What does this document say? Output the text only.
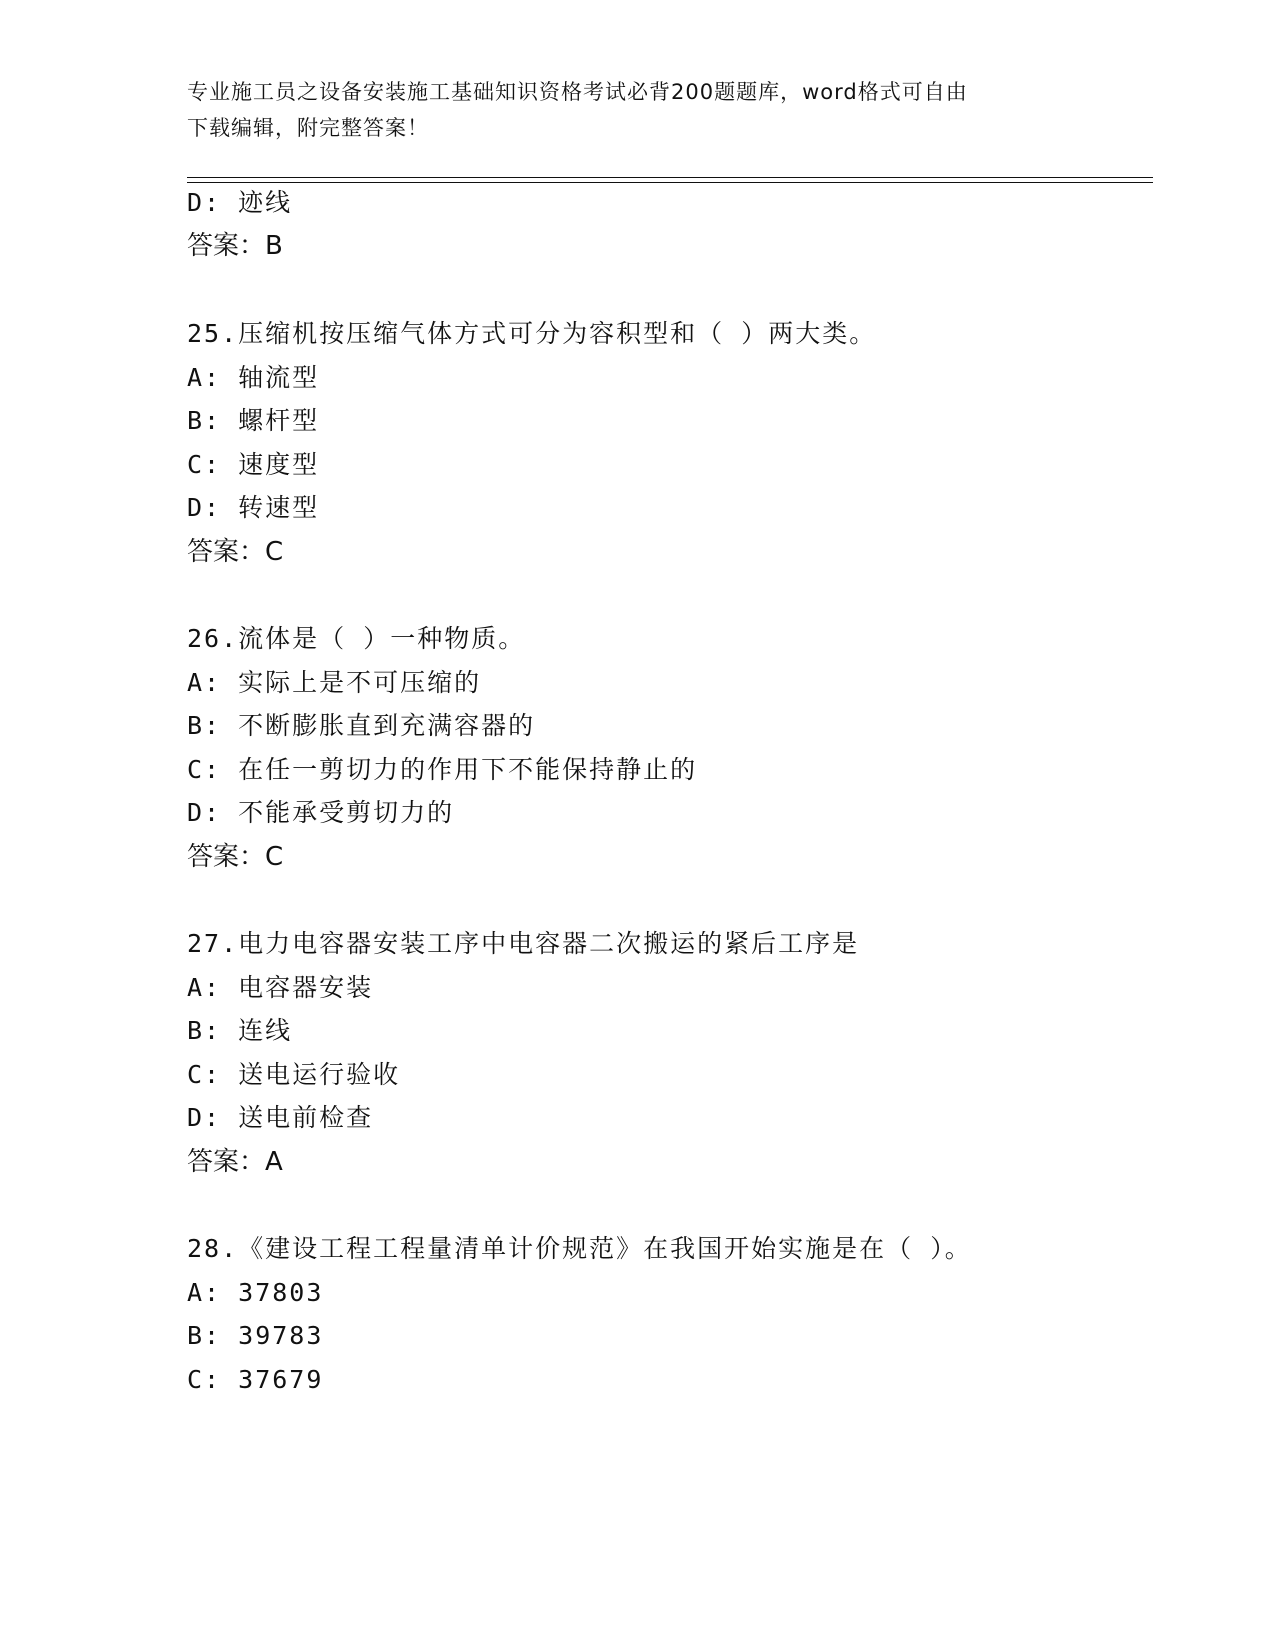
专业施工员之设备安装施工基础知识资格考试必背200题题库，word格式可自由
下载编辑，附完整答案！
D: 迹线
答案：B
25.压缩机按压缩气体方式可分为容积型和（ ）两大类。
A: 轴流型
B: 螺杆型
C: 速度型
D: 转速型
答案：C
26.流体是（ ）一种物质。
A: 实际上是不可压缩的
B: 不断膨胀直到充满容器的
C: 在任一剪切力的作用下不能保持静止的
D: 不能承受剪切力的
答案：C
27.电力电容器安装工序中电容器二次搬运的紧后工序是
A: 电容器安装
B: 连线
C: 送电运行验收
D: 送电前检查
答案：A
28.《建设工程工程量清单计价规范》在我国开始实施是在（ ）。
A: 37803
B: 39783
C: 37679
